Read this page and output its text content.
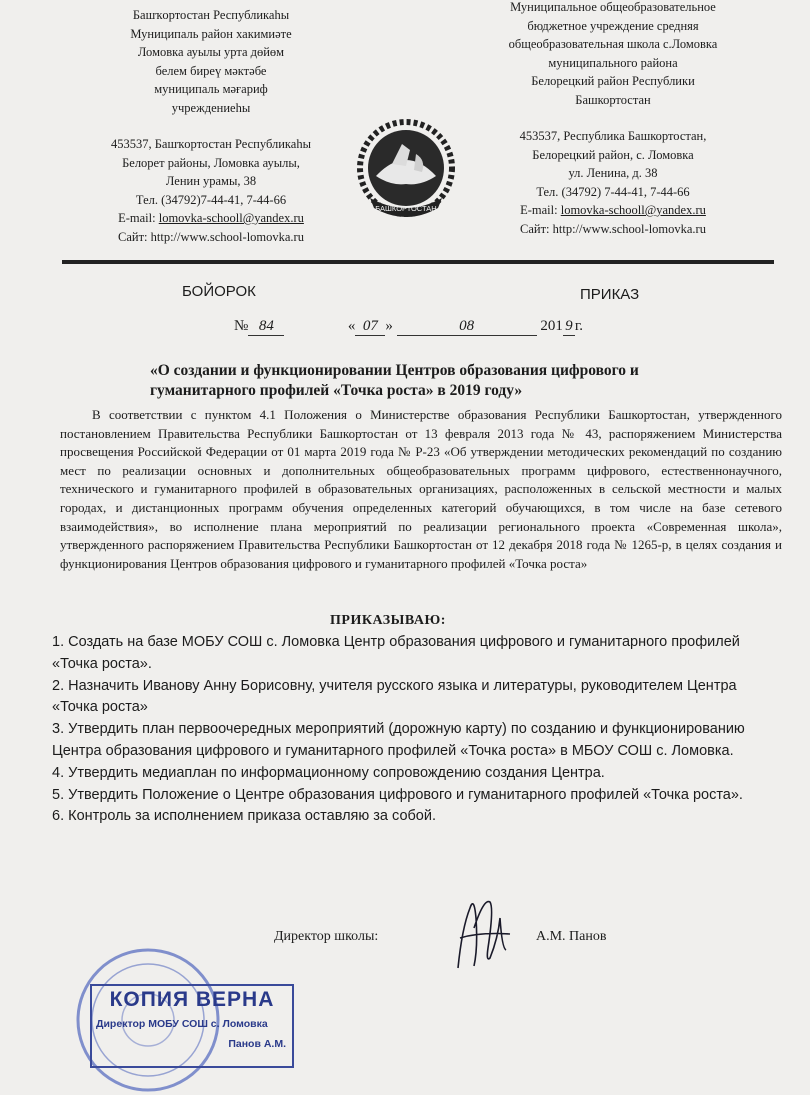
Башҡортостан Республикаһы
Муниципаль район хакимиәте
Ломовка ауылы урта дөйөм
белем биреү мәктәбе
муниципаль мәғариф
учреждениеһы
453537, Башҡортостан Республикаһы
Белорет районы, Ломовка ауылы,
Ленин урамы, 38
Тел. (34792)7-44-41, 7-44-66
E-mail: lomovka-schooll@yandex.ru
Сайт: http://www.school-lomovka.ru
Муниципальное общеобразовательное
бюджетное учреждение средняя
общеобразовательная школа с.Ломовка
муниципального района
Белорецкий район Республики
Башкортостан
453537, Республика Башкортостан,
Белорецкий район, с. Ломовка
ул. Ленина, д. 38
Тел. (34792) 7-44-41, 7-44-66
E-mail: lomovka-schooll@yandex.ru
Сайт: http://www.school-lomovka.ru
БАШКОРТОСТАН
БОЙОРОК	ПРИКАЗ
№ 84	« 07 »	08	201 9 г.

«О создании и функционировании Центров образования цифрового и гуманитарного профилей «Точка роста» в 2019 году»

В соответствии с пунктом 4.1 Положения о Министерстве образования Республики Башкортостан, утвержденного постановлением Правительства Республики Башкортостан от 13 февраля 2013 года № 43, распоряжением Министерства просвещения Российской Федерации от 01 марта 2019 года № Р-23 «Об утверждении методических рекомендаций по созданию мест по реализации основных и дополнительных общеобразовательных программ цифрового, естественнонаучного, технического и гуманитарного профилей в образовательных организациях, расположенных в сельской местности и малых городах, и дистанционных программ обучения определенных категорий обучающихся, в том числе на базе сетевого взаимодействия», во исполнение плана мероприятий по реализации регионального проекта «Современная школа», утвержденного распоряжением Правительства Республики Башкортостан от 12 декабря 2018 года № 1265-р, в целях создания и функционирования Центров образования цифрового и гуманитарного профилей «Точка роста»

ПРИКАЗЫВАЮ:

1. Создать на базе МОБУ СОШ с. Ломовка Центр образования цифрового и гуманитарного профилей «Точка роста».

2. Назначить Иванову Анну Борисовну, учителя русского языка и литературы, руководителем Центра «Точка роста»

3. Утвердить план первоочередных мероприятий (дорожную карту) по созданию и функционированию Центра образования цифрового и гуманитарного профилей «Точка роста» в МБОУ СОШ с. Ломовка.

4. Утвердить медиаплан по информационному сопровождению создания Центра.

5. Утвердить Положение о Центре образования цифрового и гуманитарного профилей «Точка роста».

6. Контроль за исполнением приказа оставляю за собой.

Директор школы:	А.М. Панов
КОПИЯ ВЕРНА
Директор МОБУ СОШ с. Ломовка
Панов А.М.
